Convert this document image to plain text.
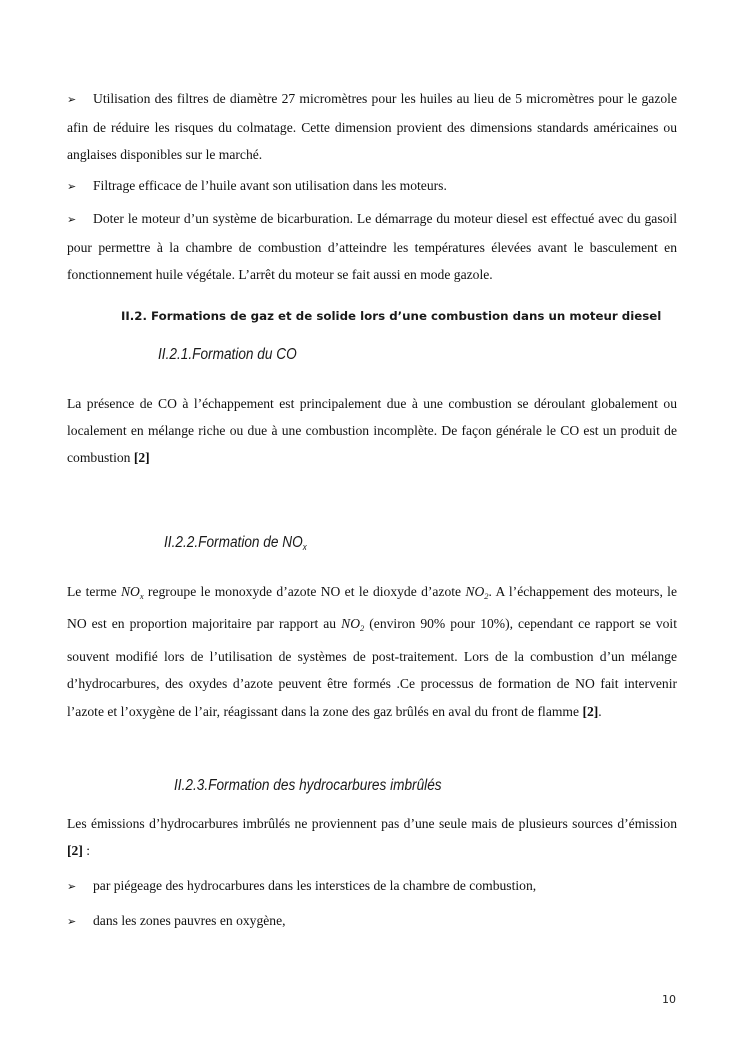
➢ Utilisation des filtres de diamètre 27 micromètres pour les huiles au lieu de 5 micromètres pour le gazole afin de réduire les risques du colmatage. Cette dimension provient des dimensions standards américaines ou anglaises disponibles sur le marché.

➢ Filtrage efficace de l’huile avant son utilisation dans les moteurs.

➢ Doter le moteur d’un système de bicarburation. Le démarrage du moteur diesel est effectué avec du gasoil pour permettre à la chambre de combustion d’atteindre les températures élevées avant le basculement en fonctionnement huile végétale. L’arrêt du moteur se fait aussi en mode gazole.

II.2. Formations de gaz et de solide lors d’une combustion dans un moteur diesel
II.2.1.Formation du CO

La présence de CO à l’échappement est principalement due à une combustion se déroulant globalement ou localement en mélange riche ou due à une combustion incomplète. De façon générale le CO est un produit de combustion [2]

II.2.2.Formation de $NO_x$

Le terme $NO_x$ regroupe le monoxyde d’azote NO et le dioxyde d’azote $NO_2$. A l’échappement des moteurs, le NO est en proportion majoritaire par rapport au $NO_2$ (environ 90% pour 10%), cependant ce rapport se voit souvent modifié lors de l’utilisation de systèmes de post-traitement. Lors de la combustion d’un mélange d’hydrocarbures, des oxydes d’azote peuvent être formés .Ce processus de formation de NO fait intervenir l’azote et l’oxygène de l’air, réagissant dans la zone des gaz brûlés en aval du front de flamme [2].

II.2.3.Formation des hydrocarbures imbrûlés

Les émissions d’hydrocarbures imbrûlés ne proviennent pas d’une seule mais de plusieurs sources d’émission [2] :

➢ par piégeage des hydrocarbures dans les interstices de la chambre de combustion,

➢ dans les zones pauvres en oxygène,

10
